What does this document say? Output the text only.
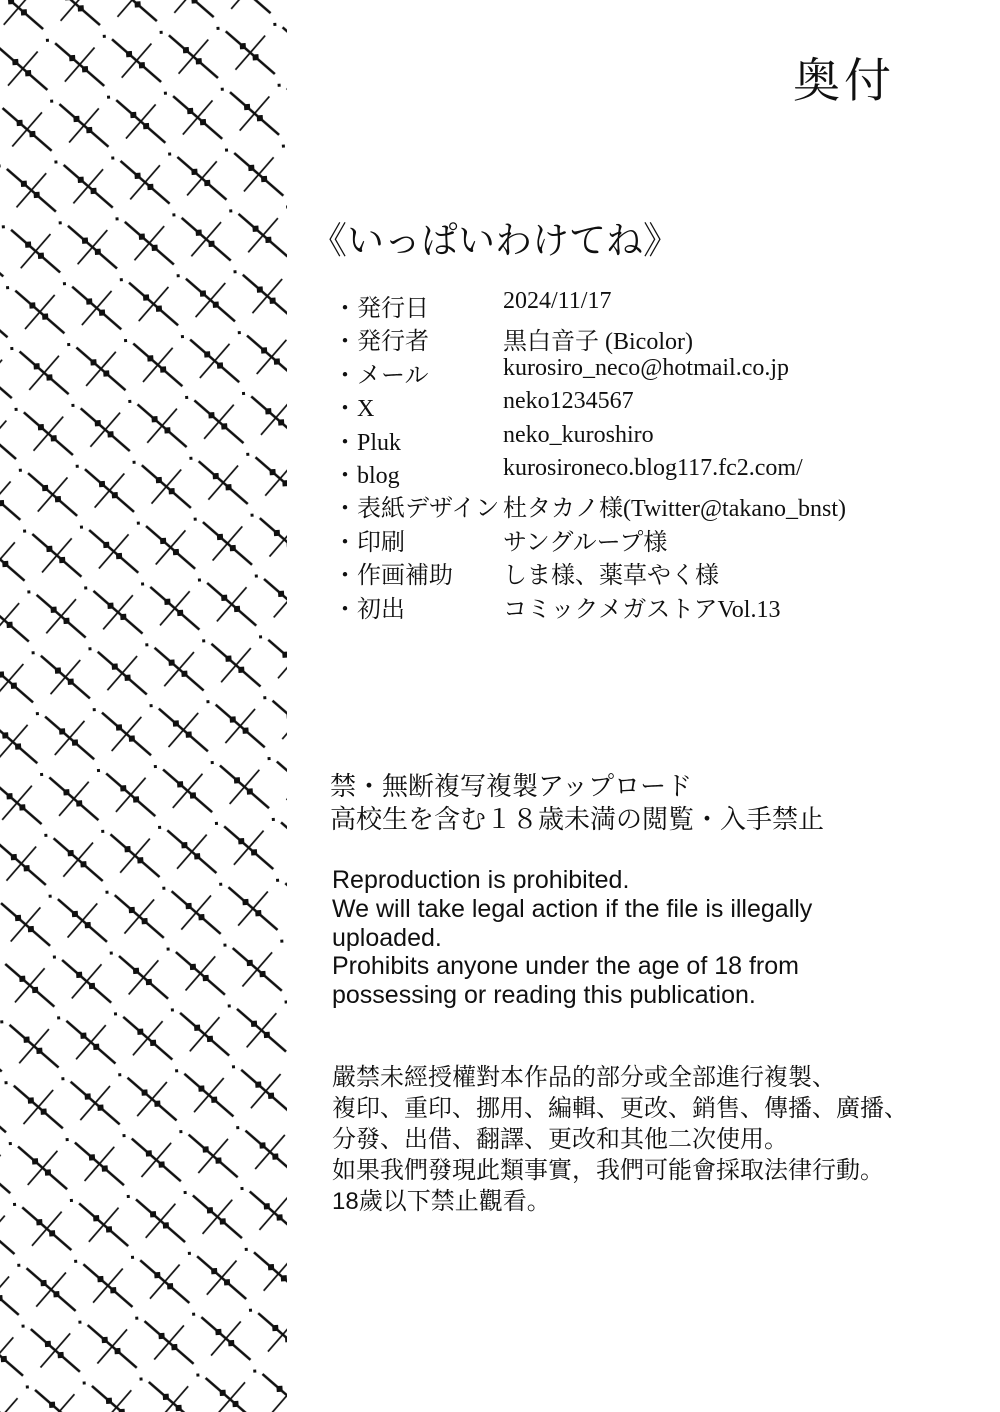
奥付
《いっぱいわけてね》
・発行日	2024/11/17
・発行者	黒白音子 (Bicolor)
・メール	kurosiro_neco@hotmail.co.jp
・X	neko1234567
・Pluk	neko_kuroshiro
・blog	kurosironeco.blog117.fc2.com/
・表紙デザイン 杜タカノ様(Twitter@takano_bnst)
・印刷	サングループ様
・作画補助	しま様、薬草やく様
・初出	コミックメガストアVol.13
禁・無断複写複製アップロード
高校生を含む１８歳未満の閲覧・入手禁止
Reproduction is prohibited.
We will take legal action if the file is illegally
uploaded.
Prohibits anyone under the age of 18 from
possessing or reading this publication.
嚴禁未經授權對本作品的部分或全部進行複製、
複印、重印、挪用、編輯、更改、銷售、傳播、廣播、
分發、出借、翻譯、更改和其他二次使用。
如果我們發現此類事實，我們可能會採取法律行動。
18歲以下禁止觀看。
